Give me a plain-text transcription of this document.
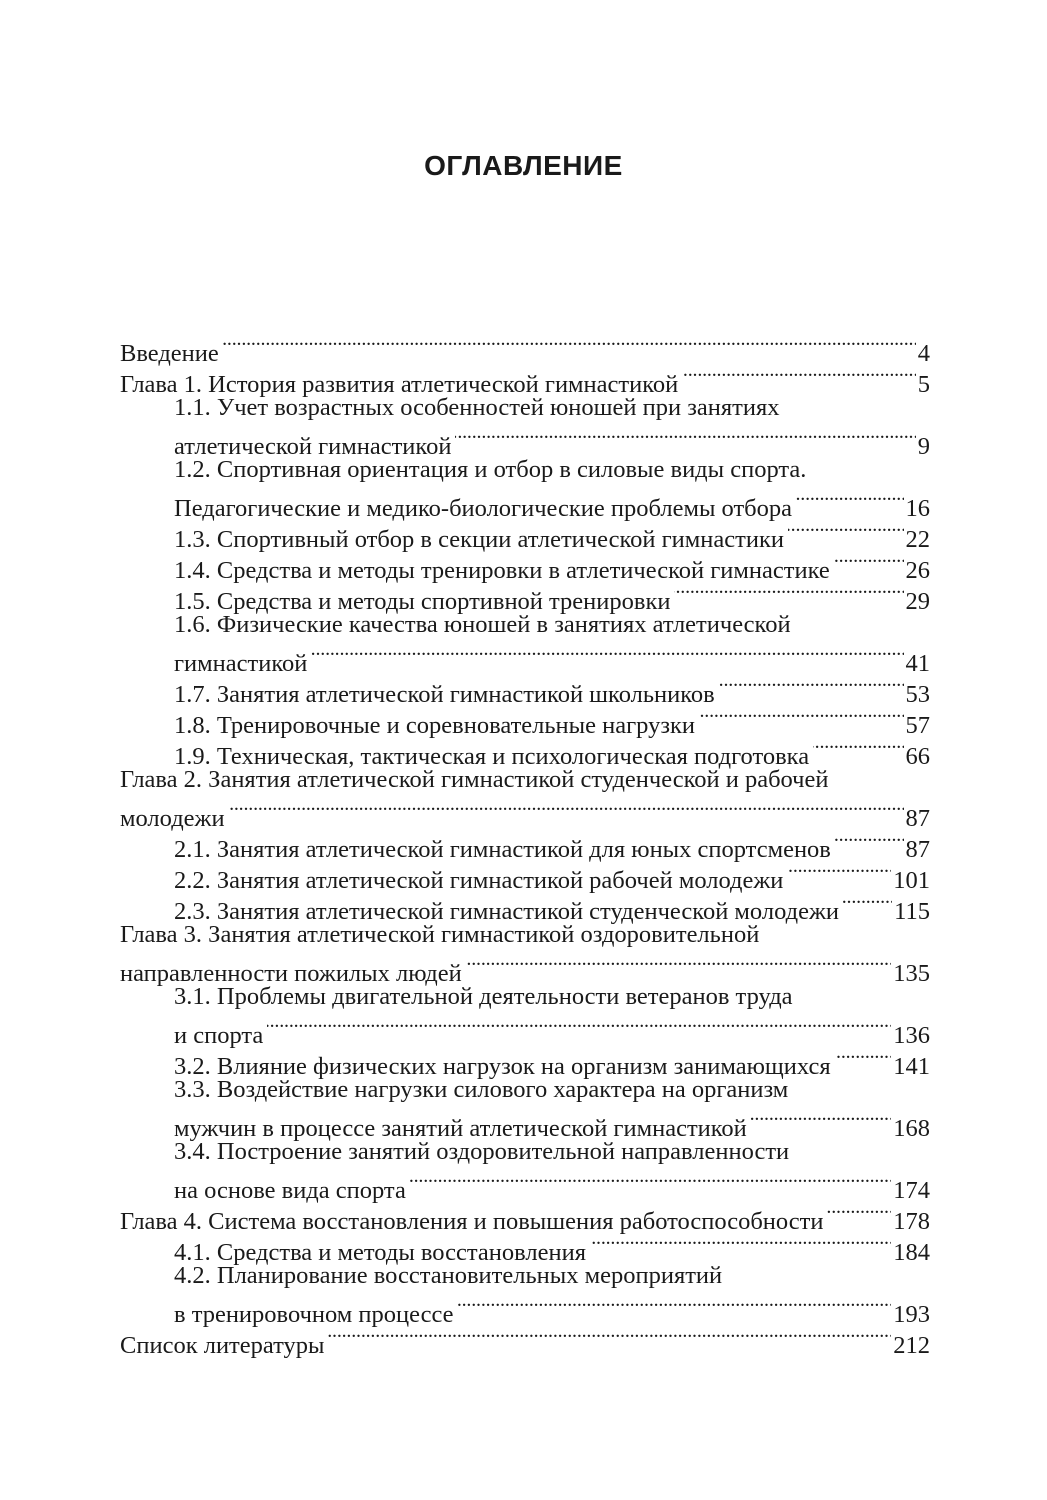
ОГЛАВЛЕНИЕ
Введение . . .	4
Глава 1. История развития атлетической гимнастикой . . .	5
1.1. Учет возрастных особенностей юношей при занятиях
атлетической гимнастикой . . .	9
1.2. Спортивная ориентация и отбор в силовые виды спорта.
Педагогические и медико-биологические проблемы отбора . . .	16
1.3. Спортивный отбор в секции атлетической гимнастики . . .	22
1.4. Средства и методы тренировки в атлетической гимнастике . . .	26
1.5. Средства и методы спортивной тренировки . . .	29
1.6. Физические качества юношей в занятиях атлетической
гимнастикой . . .	41
1.7. Занятия атлетической гимнастикой школьников . . .	53
1.8. Тренировочные и соревновательные нагрузки . . .	57
1.9. Техническая, тактическая и психологическая подготовка . . .	66
Глава 2. Занятия атлетической гимнастикой студенческой и рабочей
молодежи . . .	87
2.1. Занятия атлетической гимнастикой для юных спортсменов . . .	87
2.2. Занятия атлетической гимнастикой рабочей молодежи . . .	101
2.3. Занятия атлетической гимнастикой студенческой молодежи . . . 115
Глава 3. Занятия атлетической гимнастикой оздоровительной
направленности пожилых людей . . .	135
3.1. Проблемы двигательной деятельности ветеранов труда
и спорта . . .	136
3.2. Влияние физических нагрузок на организм занимающихся . . .	141
3.3. Воздействие нагрузки силового характера на организм
мужчин в процессе занятий атлетической гимнастикой . . .	168
3.4. Построение занятий оздоровительной направленности
на основе вида спорта . . .	174
Глава 4. Система восстановления и повышения работоспособности . . .	178
4.1. Средства и методы восстановления . . .	184
4.2. Планирование восстановительных мероприятий
в тренировочном процессе . . .	193
Список литературы . . .	212
